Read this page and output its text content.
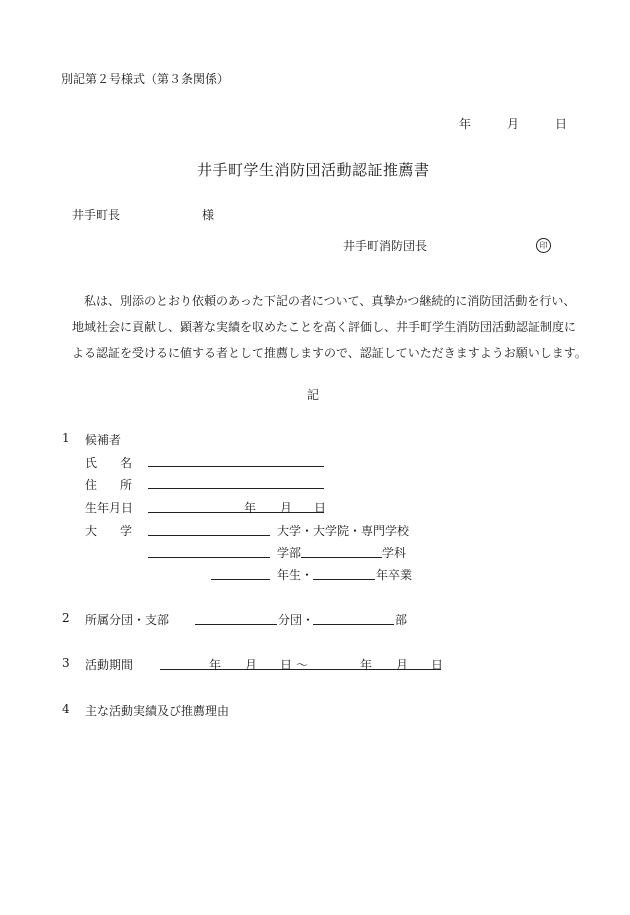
別記第２号様式（第３条関係）
年	月	日
井手町学生消防団活動認証推薦書
井手町長	様
井手町消防団長	印

　私は、別添のとおり依頼のあった下記の者について、真摯かつ継続的に消防団活動を行い、

地域社会に貢献し、顕著な実績を収めたことを高く評価し、井手町学生消防団活動認証制度に

よる認証を受けるに値する者として推薦しますので、認証していただきますようお願いします。

記
1 候補者
氏 名
住 所
生年月日	年 月 日
大 学	大学・大学院・専門学校
学部	学科
年生・	年卒業
2 所属分団・支部	分団・	部
3 活動期間	年 月 日 ～	年 月 日
4 主な活動実績及び推薦理由
